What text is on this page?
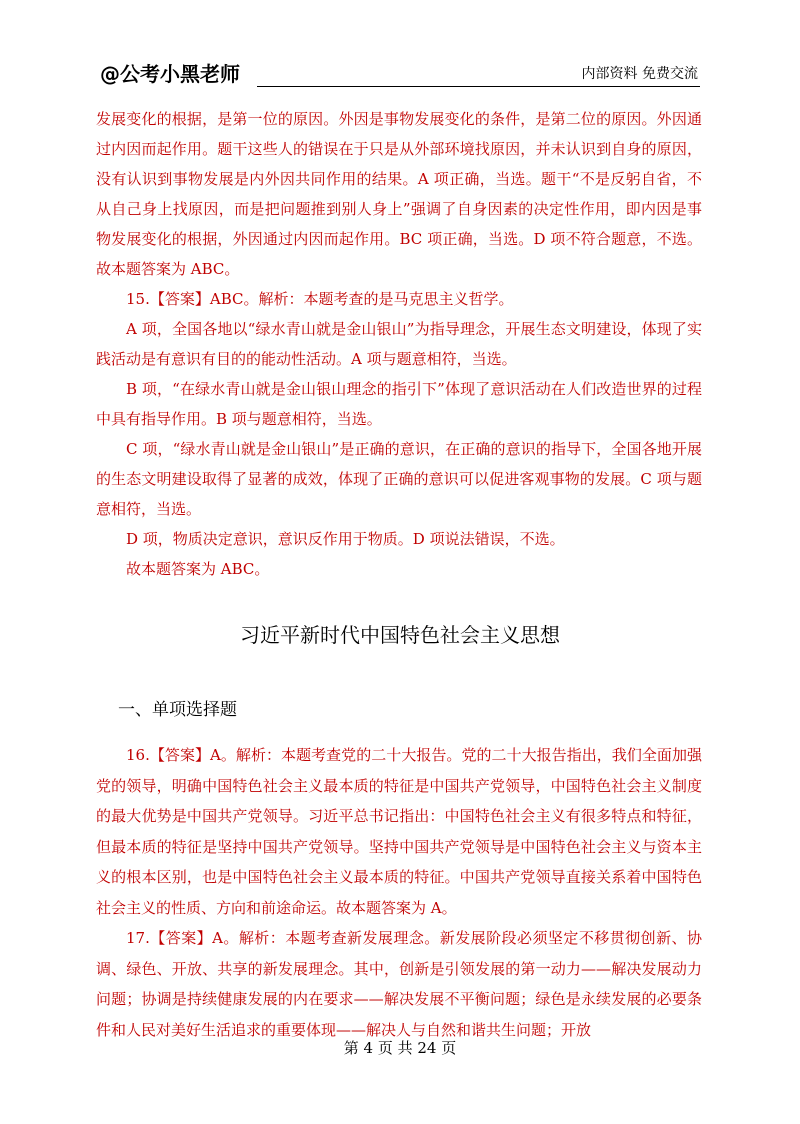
@公考小黑老师	内部资料 免费交流

发展变化的根据，是第一位的原因。外因是事物发展变化的条件，是第二位的原因。外因通过内因而起作用。题干这些人的错误在于只是从外部环境找原因，并未认识到自身的原因，没有认识到事物发展是内外因共同作用的结果。A 项正确，当选。题干“不是反躬自省，不从自己身上找原因，而是把问题推到别人身上”强调了自身因素的决定性作用，即内因是事物发展变化的根据，外因通过内因而起作用。BC 项正确，当选。D 项不符合题意，不选。故本题答案为 ABC。

15.【答案】ABC。解析：本题考查的是马克思主义哲学。

A 项，全国各地以“绿水青山就是金山银山”为指导理念，开展生态文明建设，体现了实践活动是有意识有目的的能动性活动。A 项与题意相符，当选。

B 项，“在绿水青山就是金山银山理念的指引下”体现了意识活动在人们改造世界的过程中具有指导作用。B 项与题意相符，当选。

C 项，“绿水青山就是金山银山”是正确的意识，在正确的意识的指导下，全国各地开展的生态文明建设取得了显著的成效，体现了正确的意识可以促进客观事物的发展。C 项与题意相符，当选。

D 项，物质决定意识，意识反作用于物质。D 项说法错误，不选。

故本题答案为 ABC。

习近平新时代中国特色社会主义思想
一、单项选择题

16.【答案】A。解析：本题考查党的二十大报告。党的二十大报告指出，我们全面加强党的领导，明确中国特色社会主义最本质的特征是中国共产党领导，中国特色社会主义制度的最大优势是中国共产党领导。习近平总书记指出：中国特色社会主义有很多特点和特征，但最本质的特征是坚持中国共产党领导。坚持中国共产党领导是中国特色社会主义与资本主义的根本区别，也是中国特色社会主义最本质的特征。中国共产党领导直接关系着中国特色社会主义的性质、方向和前途命运。故本题答案为 A。

17.【答案】A。解析：本题考查新发展理念。新发展阶段必须坚定不移贯彻创新、协调、绿色、开放、共享的新发展理念。其中，创新是引领发展的第一动力——解决发展动力问题；协调是持续健康发展的内在要求——解决发展不平衡问题；绿色是永续发展的必要条件和人民对美好生活追求的重要体现——解决人与自然和谐共生问题；开放

第 4 页 共 24 页
